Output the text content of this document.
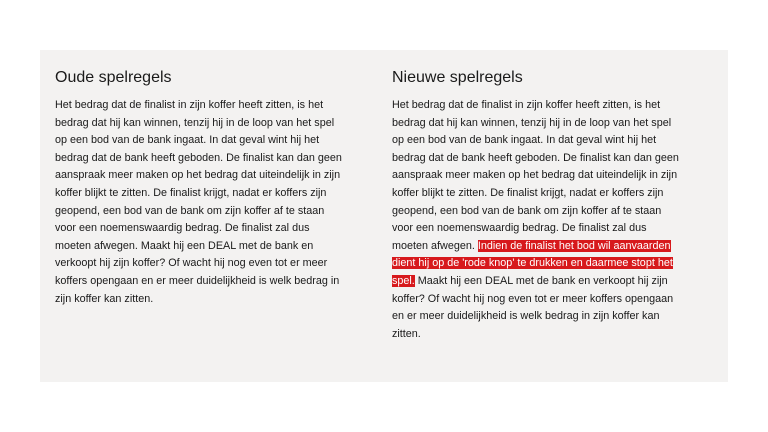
Oude spelregels

Het bedrag dat de finalist in zijn koffer heeft zitten, is het bedrag dat hij kan winnen, tenzij hij in de loop van het spel op een bod van de bank ingaat. In dat geval wint hij het bedrag dat de bank heeft geboden. De finalist kan dan geen aanspraak meer maken op het bedrag dat uiteindelijk in zijn koffer blijkt te zitten. De finalist krijgt, nadat er koffers zijn geopend, een bod van de bank om zijn koffer af te staan voor een noemenswaardig bedrag. De finalist zal dus moeten afwegen. Maakt hij een DEAL met de bank en verkoopt hij zijn koffer? Of wacht hij nog even tot er meer koffers opengaan en er meer duidelijkheid is welk bedrag in zijn koffer kan zitten.

Nieuwe spelregels

Het bedrag dat de finalist in zijn koffer heeft zitten, is het bedrag dat hij kan winnen, tenzij hij in de loop van het spel op een bod van de bank ingaat. In dat geval wint hij het bedrag dat de bank heeft geboden. De finalist kan dan geen aanspraak meer maken op het bedrag dat uiteindelijk in zijn koffer blijkt te zitten. De finalist krijgt, nadat er koffers zijn geopend, een bod van de bank om zijn koffer af te staan voor een noemenswaardig bedrag. De finalist zal dus moeten afwegen. Indien de finalist het bod wil aanvaarden dient hij op de 'rode knop' te drukken en daarmee stopt het spel. Maakt hij een DEAL met de bank en verkoopt hij zijn koffer? Of wacht hij nog even tot er meer koffers opengaan en er meer duidelijkheid is welk bedrag in zijn koffer kan zitten.
